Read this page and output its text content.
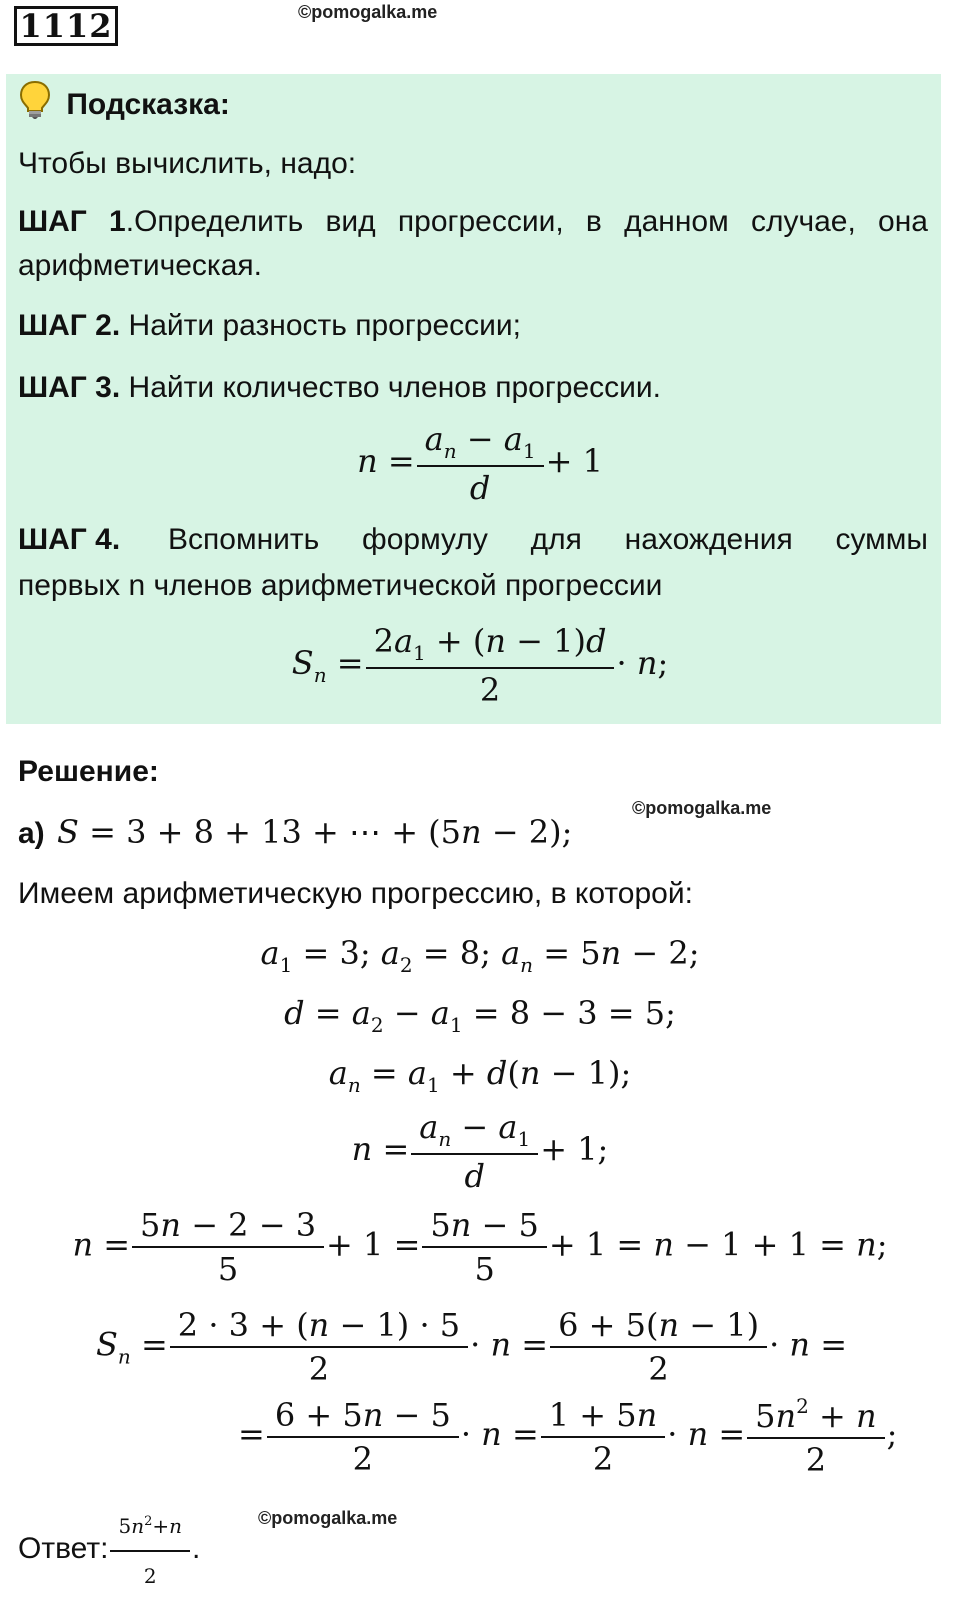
1112	©pomogalka.me
Подсказка:
Чтобы вычислить, надо:
ШАГ 1.Определить вид прогрессии, в данном случае, она
арифметическая.
ШАГ 2. Найти разность прогрессии;
ШАГ 3. Найти количество членов прогрессии.
$n = \frac{a_n - a_1}{d} + 1$
ШАГ 4. Вспомнить формулу для нахождения суммы
первых n членов арифметической прогрессии
$S_n = \frac{2a_1 + (n - 1)d}{2} \cdot n$;
Решение:
©pomogalka.me
а) S = 3 + 8 + 13 + ⋯ + (5n − 2);
Имеем арифметическую прогрессию, в которой:
$a_1 = 3$; $a_2 = 8$; $a_n = 5n - 2$;
$d = a_2 - a_1 = 8 - 3 = 5$;
$a_n = a_1 + d(n - 1)$;
$n = \frac{a_n - a_1}{d} + 1$;
$n = \frac{5n - 2 - 3}{5} + 1 = \frac{5n - 5}{5} + 1 = n - 1 + 1 = n$;
$S_n = \frac{2 \cdot 3 + (n - 1) \cdot 5}{2} \cdot n = \frac{6 + 5(n - 1)}{2} \cdot n$ =
= $\frac{6 + 5n - 5}{2} \cdot n = \frac{1 + 5n}{2} \cdot n = \frac{5n^2 + n}{2}$ ;
Ответ: $\frac{5n^2+n}{2}$ .
©pomogalka.me
